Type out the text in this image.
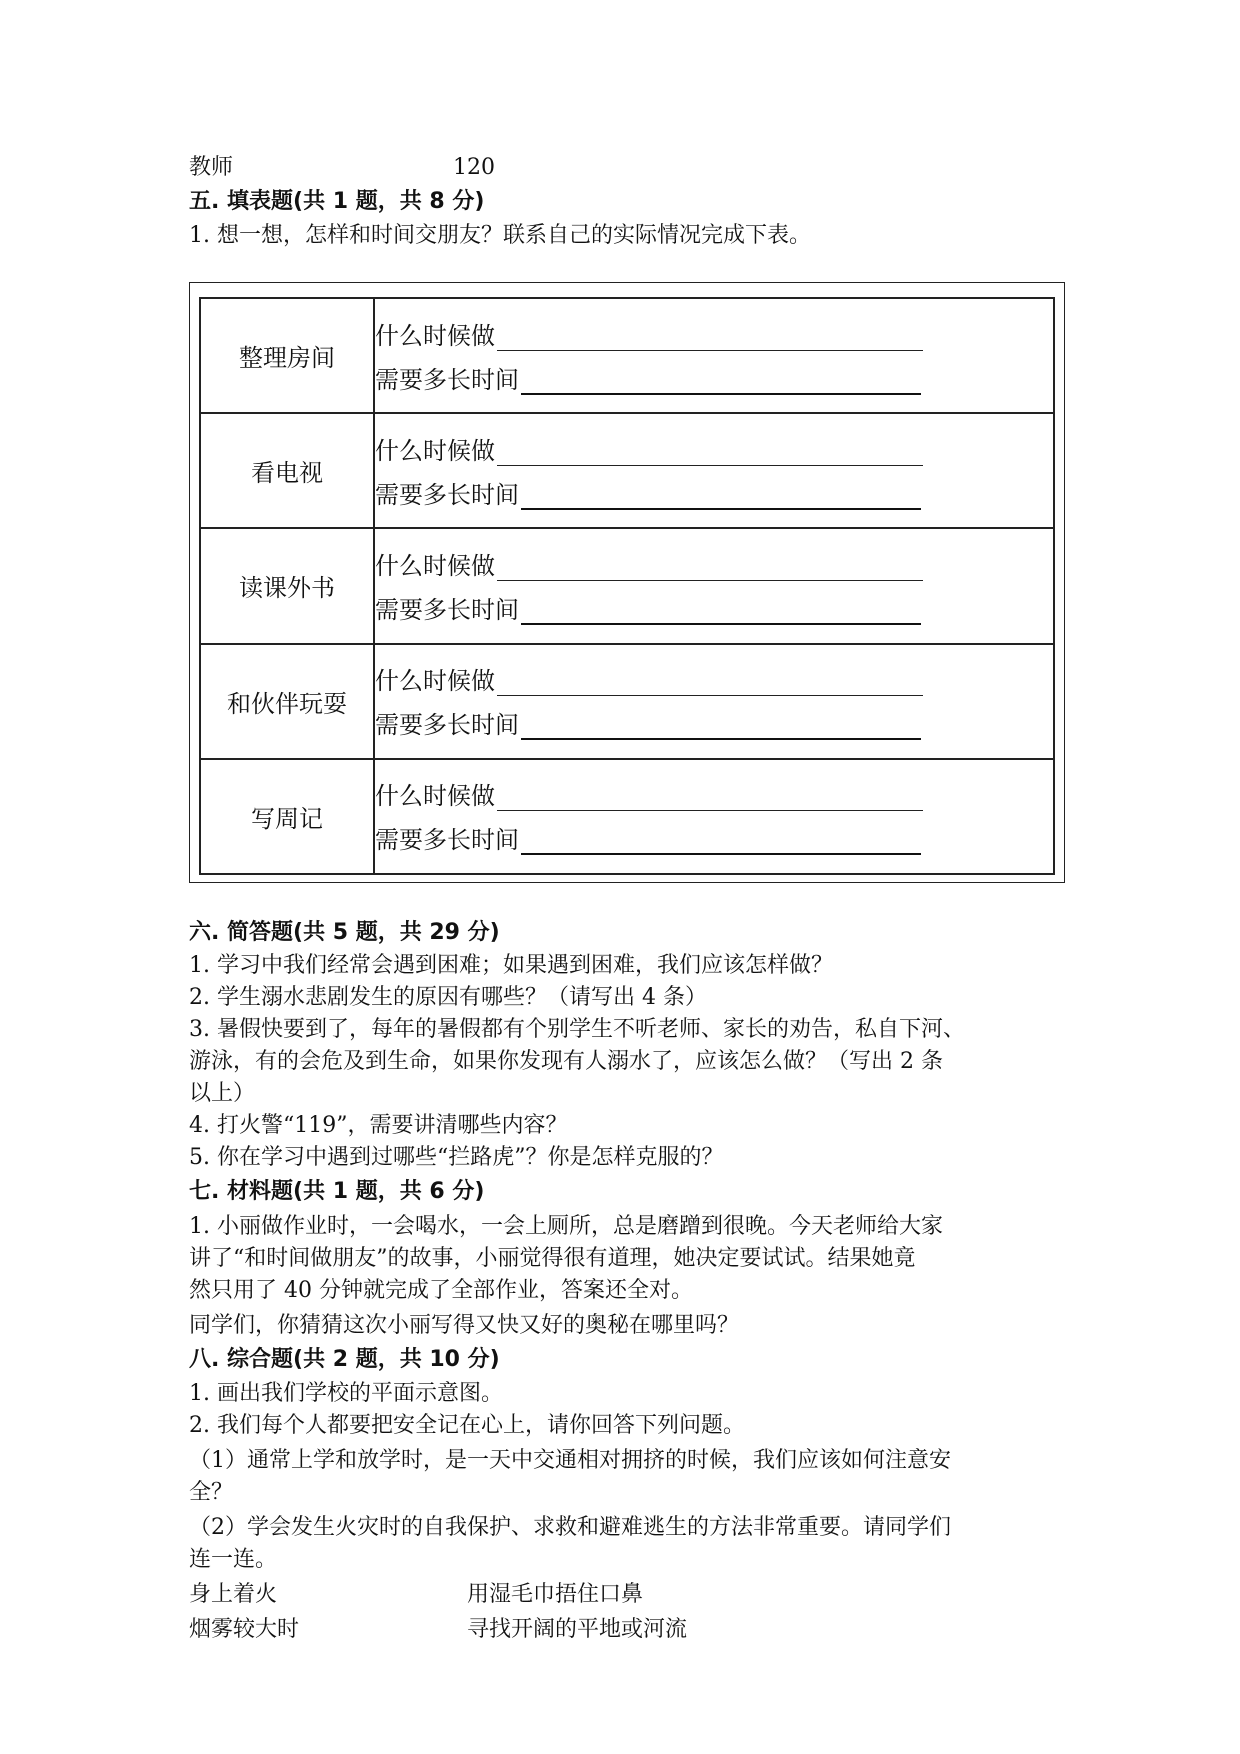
教师	120
五. 填表题(共 1 题，共 8 分)
1. 想一想，怎样和时间交朋友？联系自己的实际情况完成下表。
整理房间	什么时候做
需要多长时间

看电视	什么时候做
需要多长时间

读课外书	什么时候做
需要多长时间

和伙伴玩耍	什么时候做
需要多长时间

写周记	什么时候做
需要多长时间
六. 简答题(共 5 题，共 29 分)
1. 学习中我们经常会遇到困难；如果遇到困难，我们应该怎样做？
2. 学生溺水悲剧发生的原因有哪些？（请写出 4 条）
3. 暑假快要到了，每年的暑假都有个别学生不听老师、家长的劝告，私自下河、
游泳，有的会危及到生命，如果你发现有人溺水了，应该怎么做？（写出 2 条
以上）
4. 打火警“119”，需要讲清哪些内容？
5. 你在学习中遇到过哪些“拦路虎”？你是怎样克服的？
七. 材料题(共 1 题，共 6 分)
1. 小丽做作业时，一会喝水，一会上厕所，总是磨蹭到很晚。今天老师给大家
讲了“和时间做朋友”的故事，小丽觉得很有道理，她决定要试试。结果她竟
然只用了 40 分钟就完成了全部作业，答案还全对。
同学们，你猜猜这次小丽写得又快又好的奥秘在哪里吗？
八. 综合题(共 2 题，共 10 分)
1. 画出我们学校的平面示意图。
2. 我们每个人都要把安全记在心上，请你回答下列问题。
（1）通常上学和放学时，是一天中交通相对拥挤的时候，我们应该如何注意安
全？
（2）学会发生火灾时的自我保护、求救和避难逃生的方法非常重要。请同学们
连一连。
身上着火	用湿毛巾捂住口鼻
烟雾较大时	寻找开阔的平地或河流
